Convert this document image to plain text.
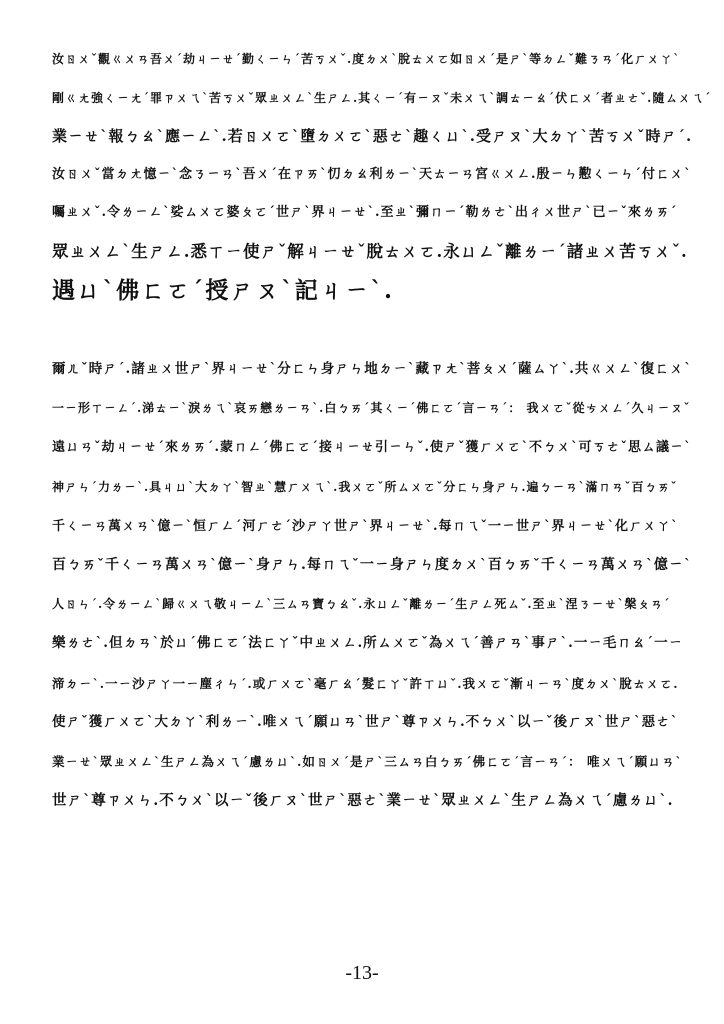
汝ㄖㄨˇ觀ㄍㄨㄢ吾ㄨˊ劫ㄐㄧㄝˊ勤ㄑㄧㄣˊ苦ㄎㄨˇ.度ㄉㄨˋ脫ㄊㄨㄛ如ㄖㄨˊ是ㄕˋ等ㄉㄥˇ難ㄋㄢˊ化ㄏㄨㄚˋ
剛ㄍㄤ強ㄑㄧㄤˊ罪ㄗㄨㄟˋ苦ㄎㄨˇ眾ㄓㄨㄥˋ生ㄕㄥ.其ㄑㄧˊ有ㄧㄡˇ未ㄨㄟˋ調ㄊㄧㄠˊ伏ㄈㄨˊ者ㄓㄜˇ.隨ㄙㄨㄟˊ
業ㄧㄝˋ報ㄅㄠˋ應ㄧㄥˋ.若ㄖㄨㄛˋ墮ㄉㄨㄛˋ惡ㄜˋ趣ㄑㄩˋ.受ㄕㄡˋ大ㄉㄚˋ苦ㄎㄨˇ時ㄕˊ.
汝ㄖㄨˇ當ㄉㄤ憶ㄧˋ念ㄋㄧㄢˋ吾ㄨˊ在ㄗㄞˋ忉ㄉㄠ利ㄌㄧˋ天ㄊㄧㄢ宮ㄍㄨㄥ.殷ㄧㄣ懃ㄑㄧㄣˊ付ㄈㄨˋ
囑ㄓㄨˇ.令ㄌㄧㄥˋ娑ㄙㄨㄛ婆ㄆㄛˊ世ㄕˋ界ㄐㄧㄝˋ.至ㄓˋ彌ㄇㄧˊ勒ㄌㄜˋ出ㄔㄨ世ㄕˋ已ㄧˇ來ㄌㄞˊ
眾ㄓㄨㄥˋ生ㄕㄥ.悉ㄒㄧ使ㄕˇ解ㄐㄧㄝˇ脫ㄊㄨㄛ.永ㄩㄥˇ離ㄌㄧˊ諸ㄓㄨ苦ㄎㄨˇ.
遇ㄩˋ佛ㄈㄛˊ授ㄕㄡˋ記ㄐㄧˋ.
爾ㄦˇ時ㄕˊ.諸ㄓㄨ世ㄕˋ界ㄐㄧㄝˋ分ㄈㄣ身ㄕㄣ地ㄉㄧˋ藏ㄗㄤˋ菩ㄆㄨˊ薩ㄙㄚˋ.共ㄍㄨㄥˋ復ㄈㄨˋ
一ㄧ形ㄒㄧㄥˊ.涕ㄊㄧˋ淚ㄌㄟˋ哀ㄞ戀ㄌㄧㄢˋ.白ㄅㄞˊ其ㄑㄧˊ佛ㄈㄛˊ言ㄧㄢˊ： 我ㄨㄛˇ從ㄘㄨㄥˊ久ㄐㄧㄡˇ
遠ㄩㄢˇ劫ㄐㄧㄝˊ來ㄌㄞˊ.蒙ㄇㄥˊ佛ㄈㄛˊ接ㄐㄧㄝ引ㄧㄣˇ.使ㄕˇ獲ㄏㄨㄛˋ不ㄅㄨˋ可ㄎㄜˇ思ㄙ議ㄧˋ
神ㄕㄣˊ力ㄌㄧˋ.具ㄐㄩˋ大ㄉㄚˋ智ㄓˋ慧ㄏㄨㄟˋ.我ㄨㄛˇ所ㄙㄨㄛˇ分ㄈㄣ身ㄕㄣ.遍ㄅㄧㄢˋ滿ㄇㄢˇ百ㄅㄞˇ
千ㄑㄧㄢ萬ㄨㄢˋ億ㄧˋ恒ㄏㄥˊ河ㄏㄜˊ沙ㄕㄚ世ㄕˋ界ㄐㄧㄝˋ.每ㄇㄟˇ一ㄧ世ㄕˋ界ㄐㄧㄝˋ化ㄏㄨㄚˋ
百ㄅㄞˇ千ㄑㄧㄢ萬ㄨㄢˋ億ㄧˋ身ㄕㄣ.每ㄇㄟˇ一ㄧ身ㄕㄣ度ㄉㄨˋ百ㄅㄞˇ千ㄑㄧㄢ萬ㄨㄢˋ億ㄧˋ
人ㄖㄣˊ.令ㄌㄧㄥˋ歸ㄍㄨㄟ敬ㄐㄧㄥˋ三ㄙㄢ寶ㄅㄠˇ.永ㄩㄥˇ離ㄌㄧˊ生ㄕㄥ死ㄙˇ.至ㄓˋ涅ㄋㄧㄝˋ槃ㄆㄢˊ
樂ㄌㄜˋ.但ㄉㄢˋ於ㄩˊ佛ㄈㄛˊ法ㄈㄚˇ中ㄓㄨㄥ.所ㄙㄨㄛˇ為ㄨㄟˊ善ㄕㄢˋ事ㄕˋ.一ㄧ毛ㄇㄠˊ一ㄧ
渧ㄉㄧˋ.一ㄧ沙ㄕㄚ一ㄧ塵ㄔㄣˊ.或ㄏㄨㄛˋ毫ㄏㄠˊ髮ㄈㄚˇ許ㄒㄩˇ.我ㄨㄛˇ漸ㄐㄧㄢˋ度ㄉㄨˋ脫ㄊㄨㄛ.
使ㄕˇ獲ㄏㄨㄛˋ大ㄉㄚˋ利ㄌㄧˋ.唯ㄨㄟˊ願ㄩㄢˋ世ㄕˋ尊ㄗㄨㄣ.不ㄅㄨˋ以ㄧˇ後ㄏㄡˋ世ㄕˋ惡ㄜˋ
業ㄧㄝˋ眾ㄓㄨㄥˋ生ㄕㄥ為ㄨㄟˊ慮ㄌㄩˋ.如ㄖㄨˊ是ㄕˋ三ㄙㄢ白ㄅㄞˊ佛ㄈㄛˊ言ㄧㄢˊ： 唯ㄨㄟˊ願ㄩㄢˋ
世ㄕˋ尊ㄗㄨㄣ.不ㄅㄨˋ以ㄧˇ後ㄏㄡˋ世ㄕˋ惡ㄜˋ業ㄧㄝˋ眾ㄓㄨㄥˋ生ㄕㄥ為ㄨㄟˊ慮ㄌㄩˋ.
-13-
